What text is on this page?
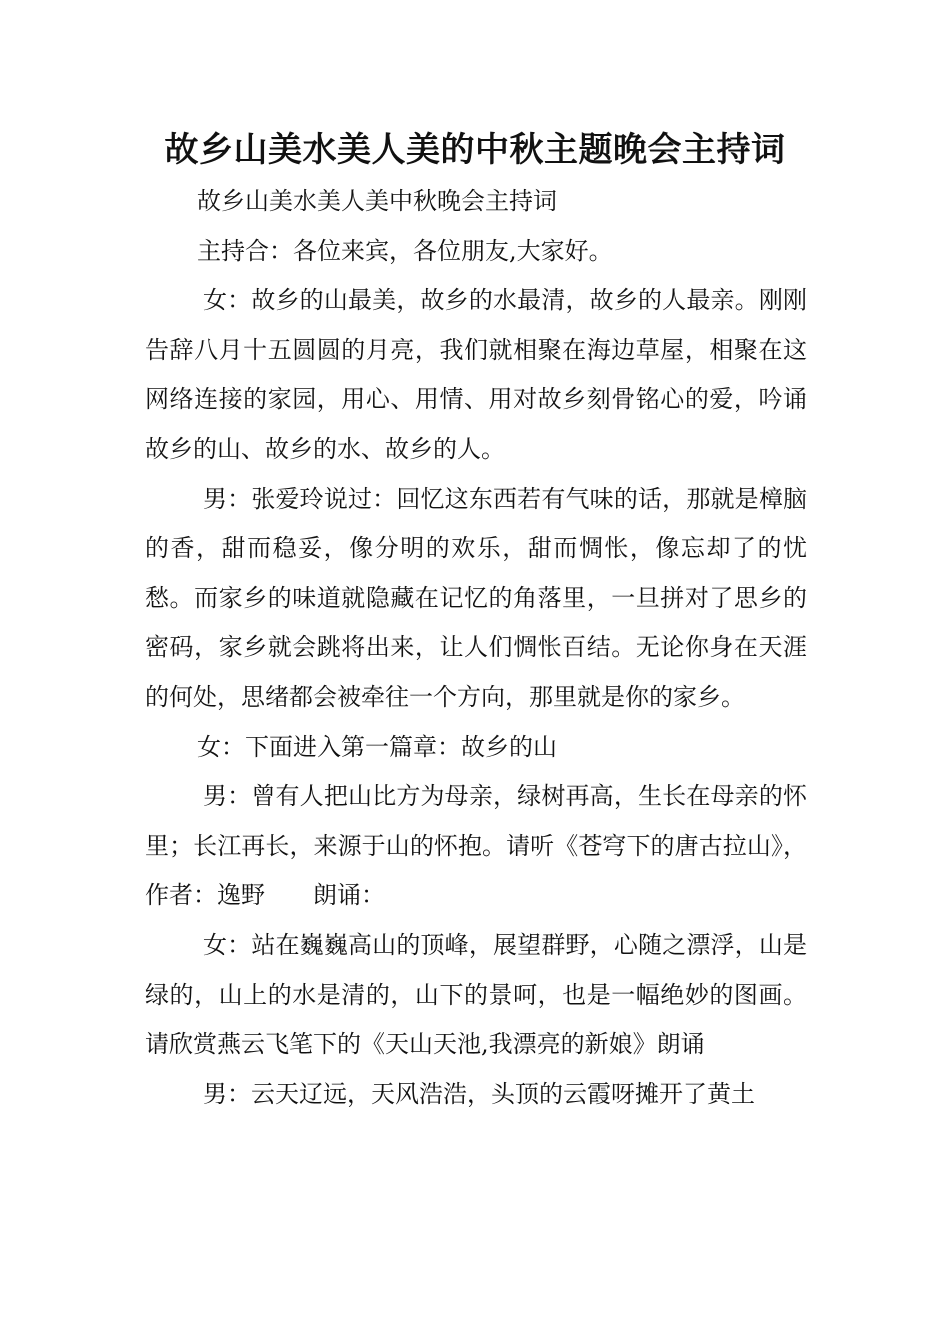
故乡山美水美人美的中秋主题晚会主持词

故乡山美水美人美中秋晚会主持词

主持合：各位来宾，各位朋友,大家好。

女：故乡的山最美，故乡的水最清，故乡的人最亲。刚刚告辞八月十五圆圆的月亮，我们就相聚在海边草屋，相聚在这网络连接的家园，用心、用情、用对故乡刻骨铭心的爱，吟诵故乡的山、故乡的水、故乡的人。

男：张爱玲说过：回忆这东西若有气味的话，那就是樟脑的香，甜而稳妥，像分明的欢乐，甜而惆怅，像忘却了的忧愁。而家乡的味道就隐藏在记忆的角落里，一旦拼对了思乡的密码，家乡就会跳将出来，让人们惆怅百结。无论你身在天涯的何处，思绪都会被牵往一个方向，那里就是你的家乡。

女：下面进入第一篇章：故乡的山

男：曾有人把山比方为母亲，绿树再高，生长在母亲的怀里；长江再长，来源于山的怀抱。请听《苍穹下的唐古拉山》，作者：逸野　　朗诵：

女：站在巍巍高山的顶峰，展望群野，心随之漂浮，山是绿的，山上的水是清的，山下的景呵，也是一幅绝妙的图画。请欣赏燕云飞笔下的《天山天池,我漂亮的新娘》朗诵

男：云天辽远，天风浩浩，头顶的云霞呀摊开了黄土
